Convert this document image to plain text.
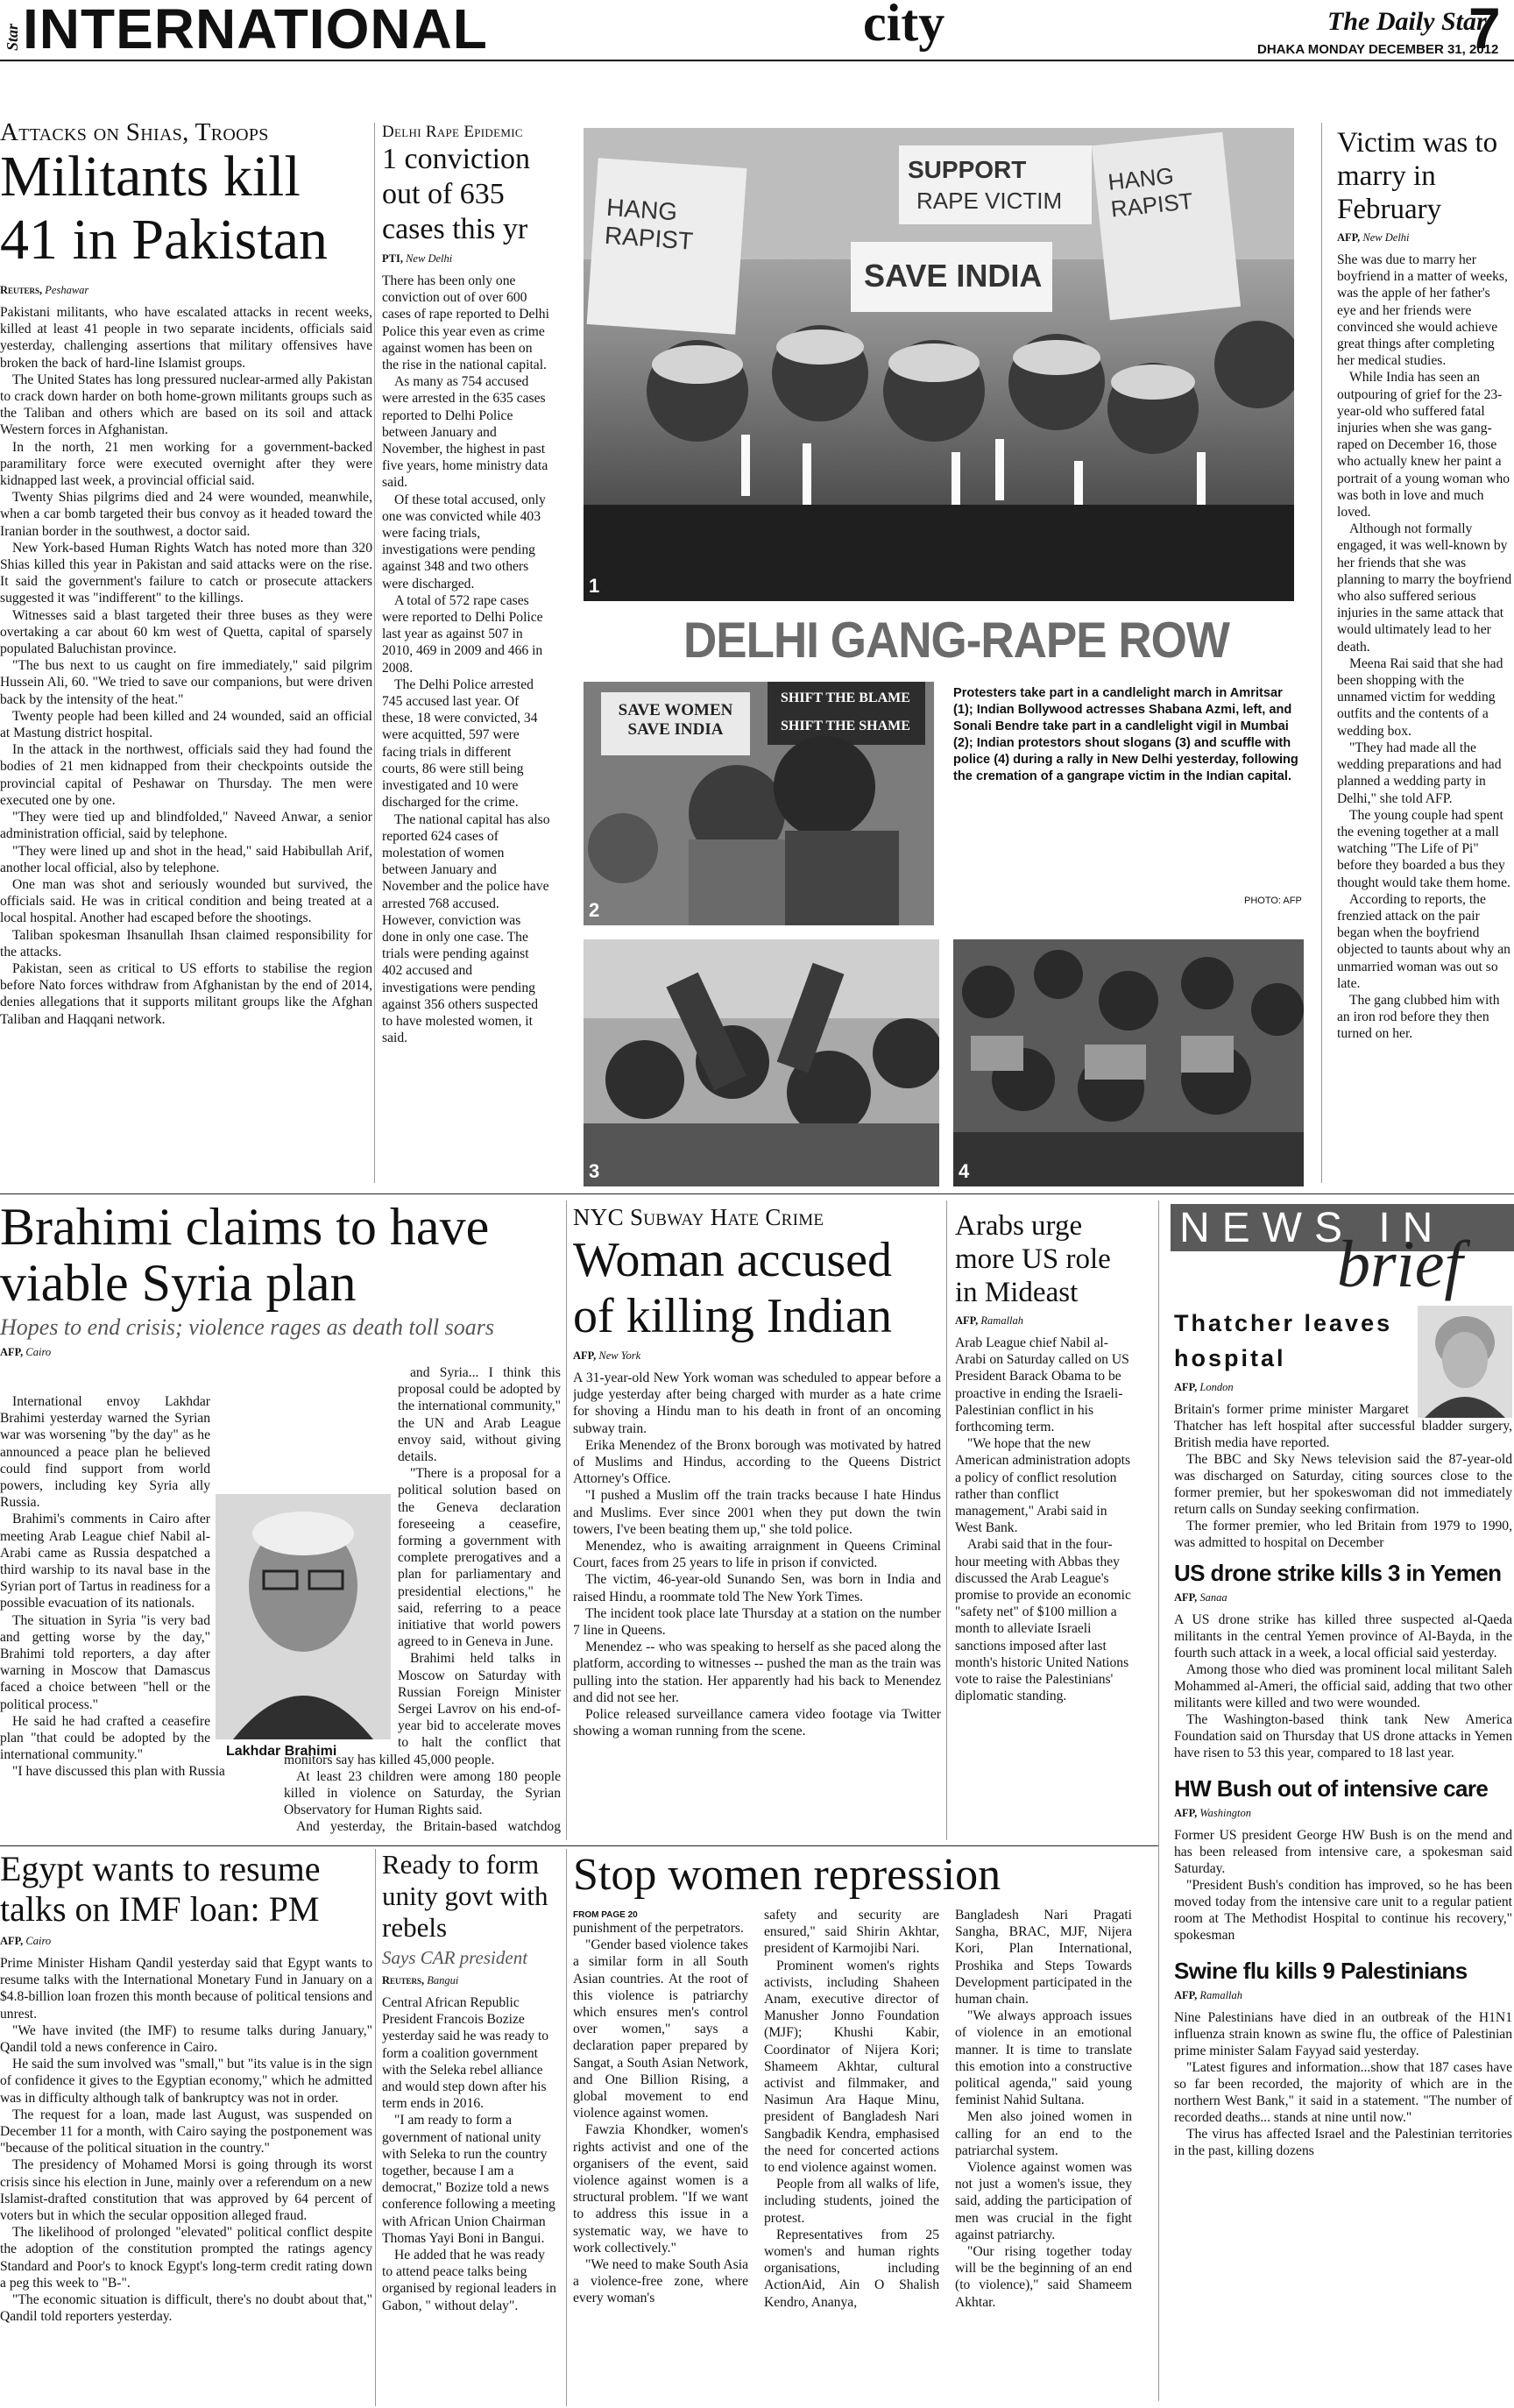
Star INTERNATIONAL	city	The Daily Star
DHAKA MONDAY DECEMBER 31, 2012
7
Attacks on Shias, Troops
Militants kill 41 in Pakistan
Reuters, Peshawar

Pakistani militants, who have escalated attacks in recent weeks, killed at least 41 people in two separate incidents, officials said yesterday, challenging assertions that military offensives have broken the back of hard-line Islamist groups.

The United States has long pressured nuclear-armed ally Pakistan to crack down harder on both home-grown militants groups such as the Taliban and others which are based on its soil and attack Western forces in Afghanistan.

In the north, 21 men working for a government-backed paramilitary force were executed overnight after they were kidnapped last week, a provincial official said.

Twenty Shias pilgrims died and 24 were wounded, meanwhile, when a car bomb targeted their bus convoy as it headed toward the Iranian border in the southwest, a doctor said.

New York-based Human Rights Watch has noted more than 320 Shias killed this year in Pakistan and said attacks were on the rise. It said the government's failure to catch or prosecute attackers suggested it was "indifferent" to the killings.

Witnesses said a blast targeted their three buses as they were overtaking a car about 60 km west of Quetta, capital of sparsely populated Baluchistan province.

"The bus next to us caught on fire immediately," said pilgrim Hussein Ali, 60. "We tried to save our companions, but were driven back by the intensity of the heat."

Twenty people had been killed and 24 wounded, said an official at Mastung district hospital.

In the attack in the northwest, officials said they had found the bodies of 21 men kidnapped from their checkpoints outside the provincial capital of Peshawar on Thursday. The men were executed one by one.

"They were tied up and blindfolded," Naveed Anwar, a senior administration official, said by telephone.

"They were lined up and shot in the head," said Habibullah Arif, another local official, also by telephone.

One man was shot and seriously wounded but survived, the officials said. He was in critical condition and being treated at a local hospital. Another had escaped before the shootings.

Taliban spokesman Ihsanullah Ihsan claimed responsibility for the attacks.

Pakistan, seen as critical to US efforts to stabilise the region before Nato forces withdraw from Afghanistan by the end of 2014, denies allegations that it supports militant groups like the Afghan Taliban and Haqqani network.

Delhi Rape Epidemic
1 conviction out of 635 cases this yr
PTI, New Delhi

There has been only one conviction out of over 600 cases of rape reported to Delhi Police this year even as crime against women has been on the rise in the national capital.

As many as 754 accused were arrested in the 635 cases reported to Delhi Police between January and November, the highest in past five years, home ministry data said.

Of these total accused, only one was convicted while 403 were facing trials, investigations were pending against 348 and two others were discharged.

A total of 572 rape cases were reported to Delhi Police last year as against 507 in 2010, 469 in 2009 and 466 in 2008.

The Delhi Police arrested 745 accused last year. Of these, 18 were convicted, 34 were acquitted, 597 were facing trials in different courts, 86 were still being investigated and 10 were discharged for the crime.

The national capital has also reported 624 cases of molestation of women between January and November and the police have arrested 768 accused. However, conviction was done in only one case. The trials were pending against 402 accused and investigations were pending against 356 others suspected to have molested women, it said.

HANG RAPIST
SUPPORT
RAPE VICTIM
SAVE INDIA
HANG RAPIST
1
DELHI GANG-RAPE ROW
SAVE WOMEN SAVE INDIA
SHIFT THE BLAME
SHIFT THE SHAME
2
Protesters take part in a candlelight march in Amritsar (1); Indian Bollywood actresses Shabana Azmi, left, and Sonali Bendre take part in a candlelight vigil in Mumbai (2); Indian protestors shout slogans (3) and scuffle with police (4) during a rally in New Delhi yesterday, following the cremation of a gangrape victim in the Indian capital.
PHOTO: AFP
3	4
Victim was to marry in February
AFP, New Delhi

She was due to marry her boyfriend in a matter of weeks, was the apple of her father's eye and her friends were convinced she would achieve great things after completing her medical studies.

While India has seen an outpouring of grief for the 23-year-old who suffered fatal injuries when she was gang-raped on December 16, those who actually knew her paint a portrait of a young woman who was both in love and much loved.

Although not formally engaged, it was well-known by her friends that she was planning to marry the boyfriend who also suffered serious injuries in the same attack that would ultimately lead to her death.

Meena Rai said that she had been shopping with the unnamed victim for wedding outfits and the contents of a wedding box.

"They had made all the wedding preparations and had planned a wedding party in Delhi," she told AFP.

The young couple had spent the evening together at a mall watching "The Life of Pi" before they boarded a bus they thought would take them home.

According to reports, the frenzied attack on the pair began when the boyfriend objected to taunts about why an unmarried woman was out so late.

The gang clubbed him with an iron rod before they then turned on her.

Brahimi claims to have viable Syria plan
Hopes to end crisis; violence rages as death toll soars
AFP, Cairo

International envoy Lakhdar Brahimi yesterday warned the Syrian war was worsening "by the day" as he announced a peace plan he believed could find support from world powers, including key Syria ally Russia.

Brahimi's comments in Cairo after meeting Arab League chief Nabil al-Arabi came as Russia despatched a third warship to its naval base in the Syrian port of Tartus in readiness for a possible evacuation of its nationals.

The situation in Syria "is very bad and getting worse by the day," Brahimi told reporters, a day after warning in Moscow that Damascus faced a choice between "hell or the political process."

He said he had crafted a ceasefire plan "that could be adopted by the international community."

"I have discussed this plan with Russia

and Syria... I think this proposal could be adopted by the international community," the UN and Arab League envoy said, without giving details.

"There is a proposal for a political solution based on the Geneva declaration foreseeing a ceasefire, forming a government with complete prerogatives and a plan for parliamentary and presidential elections," he said, referring to a peace initiative that world powers agreed to in Geneva in June.

Brahimi held talks in Moscow on Saturday with Russian Foreign Minister Sergei Lavrov on his end-of-year bid to accelerate moves to halt the conflict that monitors say has killed 45,000 people.

At least 23 children were among 180 people killed in violence on Saturday, the Syrian Observatory for Human Rights said.

And yesterday, the Britain-based watchdog

Lakhdar Brahimi
NYC Subway Hate Crime
Woman accused of killing Indian
AFP, New York

A 31-year-old New York woman was scheduled to appear before a judge yesterday after being charged with murder as a hate crime for shoving a Hindu man to his death in front of an oncoming subway train.

Erika Menendez of the Bronx borough was motivated by hatred of Muslims and Hindus, according to the Queens District Attorney's Office.

"I pushed a Muslim off the train tracks because I hate Hindus and Muslims. Ever since 2001 when they put down the twin towers, I've been beating them up," she told police.

Menendez, who is awaiting arraignment in Queens Criminal Court, faces from 25 years to life in prison if convicted.

The victim, 46-year-old Sunando Sen, was born in India and raised Hindu, a roommate told The New York Times.

The incident took place late Thursday at a station on the number 7 line in Queens.

Menendez -- who was speaking to herself as she paced along the platform, according to witnesses -- pushed the man as the train was pulling into the station. Her apparently had his back to Menendez and did not see her.

Police released surveillance camera video footage via Twitter showing a woman running from the scene.

Arabs urge more US role in Mideast
AFP, Ramallah

Arab League chief Nabil al-Arabi on Saturday called on US President Barack Obama to be proactive in ending the Israeli-Palestinian conflict in his forthcoming term.

"We hope that the new American administration adopts a policy of conflict resolution rather than conflict management," Arabi said in West Bank.

Arabi said that in the four-hour meeting with Abbas they discussed the Arab League's promise to provide an economic "safety net" of $100 million a month to alleviate Israeli sanctions imposed after last month's historic United Nations vote to raise the Palestinians' diplomatic standing.

NEWS IN
brief
Thatcher leaves hospital
AFP, London

Britain's former prime minister Margaret Thatcher has left hospital after successful bladder surgery, British media have reported.

The BBC and Sky News television said the 87-year-old was discharged on Saturday, citing sources close to the former premier, but her spokeswoman did not immediately return calls on Sunday seeking confirmation.

The former premier, who led Britain from 1979 to 1990, was admitted to hospital on December

US drone strike kills 3 in Yemen
AFP, Sanaa

A US drone strike has killed three suspected al-Qaeda militants in the central Yemen province of Al-Bayda, in the fourth such attack in a week, a local official said yesterday.

Among those who died was prominent local militant Saleh Mohammed al-Ameri, the official said, adding that two other militants were killed and two were wounded.

The Washington-based think tank New America Foundation said on Thursday that US drone attacks in Yemen have risen to 53 this year, compared to 18 last year.

HW Bush out of intensive care
AFP, Washington

Former US president George HW Bush is on the mend and has been released from intensive care, a spokesman said Saturday.

"President Bush's condition has improved, so he has been moved today from the intensive care unit to a regular patient room at The Methodist Hospital to continue his recovery," spokesman

Swine flu kills 9 Palestinians
AFP, Ramallah

Nine Palestinians have died in an outbreak of the H1N1 influenza strain known as swine flu, the office of Palestinian prime minister Salam Fayyad said yesterday.

"Latest figures and information...show that 187 cases have so far been recorded, the majority of which are in the northern West Bank," it said in a statement. "The number of recorded deaths... stands at nine until now."

The virus has affected Israel and the Palestinian territories in the past, killing dozens

Egypt wants to resume talks on IMF loan: PM
AFP, Cairo

Prime Minister Hisham Qandil yesterday said that Egypt wants to resume talks with the International Monetary Fund in January on a $4.8-billion loan frozen this month because of political tensions and unrest.

"We have invited (the IMF) to resume talks during January," Qandil told a news conference in Cairo.

He said the sum involved was "small," but "its value is in the sign of confidence it gives to the Egyptian economy," which he admitted was in difficulty although talk of bankruptcy was not in order.

The request for a loan, made last August, was suspended on December 11 for a month, with Cairo saying the postponement was "because of the political situation in the country."

The presidency of Mohamed Morsi is going through its worst crisis since his election in June, mainly over a referendum on a new Islamist-drafted constitution that was approved by 64 percent of voters but in which the secular opposition alleged fraud.

The likelihood of prolonged "elevated" political conflict despite the adoption of the constitution prompted the ratings agency Standard and Poor's to knock Egypt's long-term credit rating down a peg this week to "B-".

"The economic situation is difficult, there's no doubt about that," Qandil told reporters yesterday.

Ready to form unity govt with rebels
Says CAR president
Reuters, Bangui

Central African Republic President Francois Bozize yesterday said he was ready to form a coalition government with the Seleka rebel alliance and would step down after his term ends in 2016.

"I am ready to form a government of national unity with Seleka to run the country together, because I am a democrat," Bozize told a news conference following a meeting with African Union Chairman Thomas Yayi Boni in Bangui.

He added that he was ready to attend peace talks being organised by regional leaders in Gabon, " without delay".

Stop women repression
FROM PAGE 20

punishment of the perpetrators.

"Gender based violence takes a similar form in all South Asian countries. At the root of this violence is patriarchy which ensures men's control over women," says a declaration paper prepared by Sangat, a South Asian Network, and One Billion Rising, a global movement to end violence against women.

Fawzia Khondker, women's rights activist and one of the organisers of the event, said violence against women is a structural problem. "If we want to address this issue in a systematic way, we have to work collectively."

"We need to make South Asia a violence-free zone, where every woman's

safety and security are ensured," said Shirin Akhtar, president of Karmojibi Nari.

Prominent women's rights activists, including Shaheen Anam, executive director of Manusher Jonno Foundation (MJF); Khushi Kabir, Coordinator of Nijera Kori; Shameem Akhtar, cultural activist and filmmaker, and Nasimun Ara Haque Minu, president of Bangladesh Nari Sangbadik Kendra, emphasised the need for concerted actions to end violence against women.

People from all walks of life, including students, joined the protest.

Representatives from 25 women's and human rights organisations, including ActionAid, Ain O Shalish Kendro, Ananya,

Bangladesh Nari Pragati Sangha, BRAC, MJF, Nijera Kori, Plan International, Proshika and Steps Towards Development participated in the human chain.

"We always approach issues of violence in an emotional manner. It is time to translate this emotion into a constructive political agenda," said young feminist Nahid Sultana.

Men also joined women in calling for an end to the patriarchal system.

Violence against women was not just a women's issue, they said, adding the participation of men was crucial in the fight against patriarchy.

"Our rising together today will be the beginning of an end (to violence)," said Shameem Akhtar.
